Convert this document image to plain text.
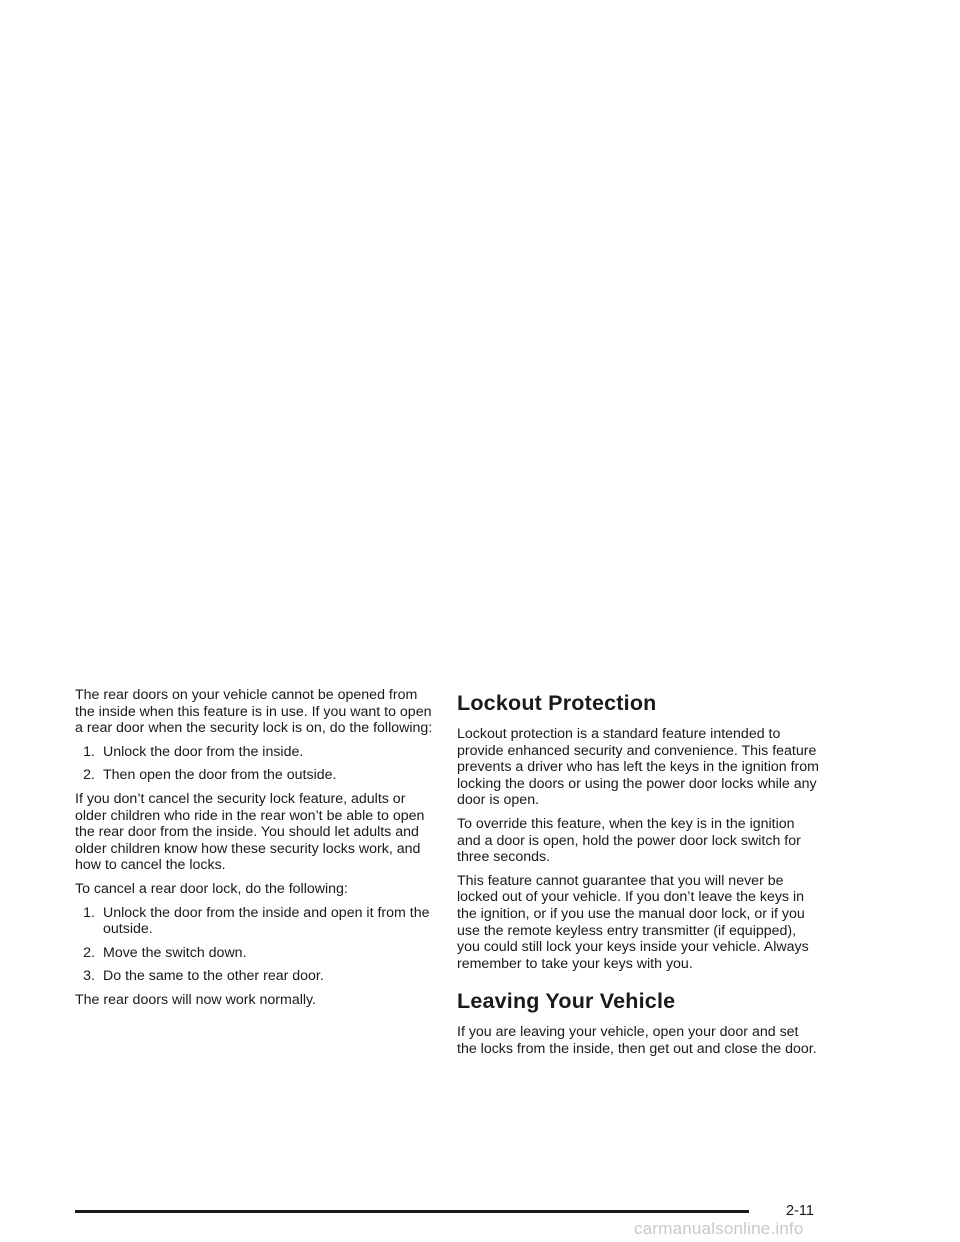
The rear doors on your vehicle cannot be opened from the inside when this feature is in use. If you want to open a rear door when the security lock is on, do the following:

1. Unlock the door from the inside.
2. Then open the door from the outside.

If you don’t cancel the security lock feature, adults or older children who ride in the rear won’t be able to open the rear door from the inside. You should let adults and older children know how these security locks work, and how to cancel the locks.

To cancel a rear door lock, do the following:

1. Unlock the door from the inside and open it from the outside.
2. Move the switch down.
3. Do the same to the other rear door.

The rear doors will now work normally.

Lockout Protection

Lockout protection is a standard feature intended to provide enhanced security and convenience. This feature prevents a driver who has left the keys in the ignition from locking the doors or using the power door locks while any door is open.

To override this feature, when the key is in the ignition and a door is open, hold the power door lock switch for three seconds.

This feature cannot guarantee that you will never be locked out of your vehicle. If you don’t leave the keys in the ignition, or if you use the manual door lock, or if you use the remote keyless entry transmitter (if equipped), you could still lock your keys inside your vehicle. Always remember to take your keys with you.

Leaving Your Vehicle

If you are leaving your vehicle, open your door and set the locks from the inside, then get out and close the door.

2-11
carmanualsonline.info
